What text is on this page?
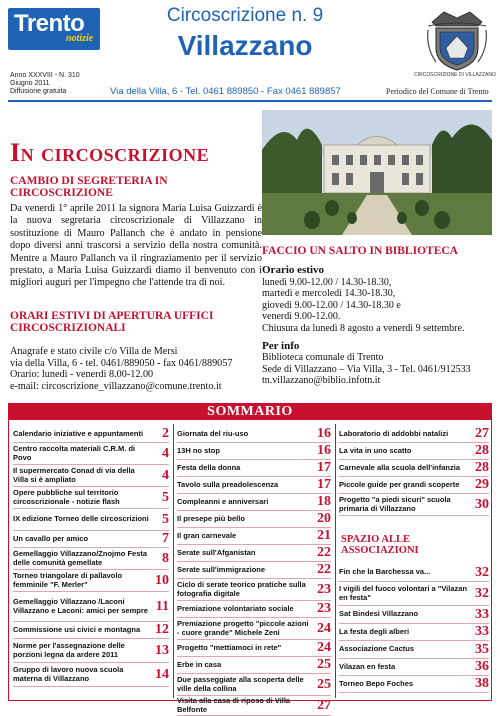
Trento
notizie
Circoscrizione n. 9
Villazzano
CIRCOSCRIZIONE DI VILLAZZANO
Anno XXXVIII - N. 310
Giugno 2011
Diffusione gratuita	Via della Villa, 6 - Tel. 0461 889850 - Fax 0461 889857	Periodico del Comune di Trento
In circoscrizione
CAMBIO DI SEGRETERIA IN CIRCOSCRIZIONE
Da venerdì 1° aprile 2011 la signora Maria Luisa Guizzardi è la nuova segretaria circoscrizionale di Villazzano in sostituzione di Mauro Pallanch che è andato in pensione dopo diversi anni trascorsi a servizio della nostra comunità. Mentre a Mauro Pallanch va il ringraziamento per il servizio prestato, a Maria Luisa Guizzardi diamo il benvenuto con i migliori auguri per l'impegno che l'attende tra di noi.
ORARI ESTIVI DI APERTURA UFFICI CIRCOSCRIZIONALI
Anagrafe e stato civile c/o Villa de Mersi
via della Villa, 6 - tel. 0461/889050 - fax 0461/889057
Orario: lunedì - venerdì 8.00-12.00
e-mail: circoscrizione_villazzano@comune.trento.it
FACCIO UN SALTO IN BIBLIOTECA
Orario estivo
lunedì 9.00-12.00 / 14.30-18.30,
martedì e mercoledì 14.30-18.30,
giovedì 9.00-12.00 / 14.30-18.30 e
venerdì 9.00-12.00.
Chiusura da lunedì 8 agosto a venerdì 9 settembre.
Per info
Biblioteca comunale di Trento
Sede di Villazzano – Via Villa, 3 - Tel. 0461/912533
tn.villazzano@biblio.infotn.it
SOMMARIO
Calendario iniziative e appuntamenti	2
Centro raccolta materiali C.R.M. di Povo	4
Il supermercato Conad di via della Villa si è ampliato	4
Opere pubbliche sul territorio circoscrizionale - notizie flash	5
IX edizione Torneo delle circoscrizioni 5
Un cavallo per amico	7
Gemellaggio Villazzano/Znojmo Festa delle comunità gemellate	8
Torneo triangolare di pallavolo femminile "F. Merler"	10
Gemellaggio Villazzano /Laconi Villazzano e Laconi: amici per sempre 11
Commissione usi civici e montagna	12
Norme per l'assegnazione delle porzioni legna da ardere 2011	13
Gruppo di lavoro nuova scuola materna di Villazzano	14
Giornata del riu-uso	16
13H no stop	16
Festa della donna	17
Tavolo sulla preadolescenza	17
Compleanni e anniversari	18
Il presepe più bello	20
Il gran carnevale	21
Serate sull'Afganistan	22
Serate sull'immigrazione	22
Ciclo di serate teorico pratiche sulla fotografia digitale	23
Premiazione volontariato sociale	23
Premiazione progetto "piccole azioni - cuore grande" Michele Zeni	24
Progetto "mettiamoci in rete"	24
Erbe in casa	25
Due passeggiate alla scoperta delle ville della collina	25
Visita alla casa di riposo di Villa Belfonte	27
Laboratorio di addobbi natalizi	27
La vita in uno scatto	28
Carnevale alla scuola dell'infanzia	28
Piccole guide per grandi scoperte	29
Progetto "a piedi sicuri" scuola primaria di Villazzano	30
SPAZIO ALLE ASSOCIAZIONI
Fin che la Barchessa va...	32
I vigili del fuoco volontari a "Vilazan en festa"	32
Sat Bindesi Villazzano	33
La festa degli alberi	33
Associazione Cactus	35
Vilazan en festa	36
Torneo Bepo Foches	38
